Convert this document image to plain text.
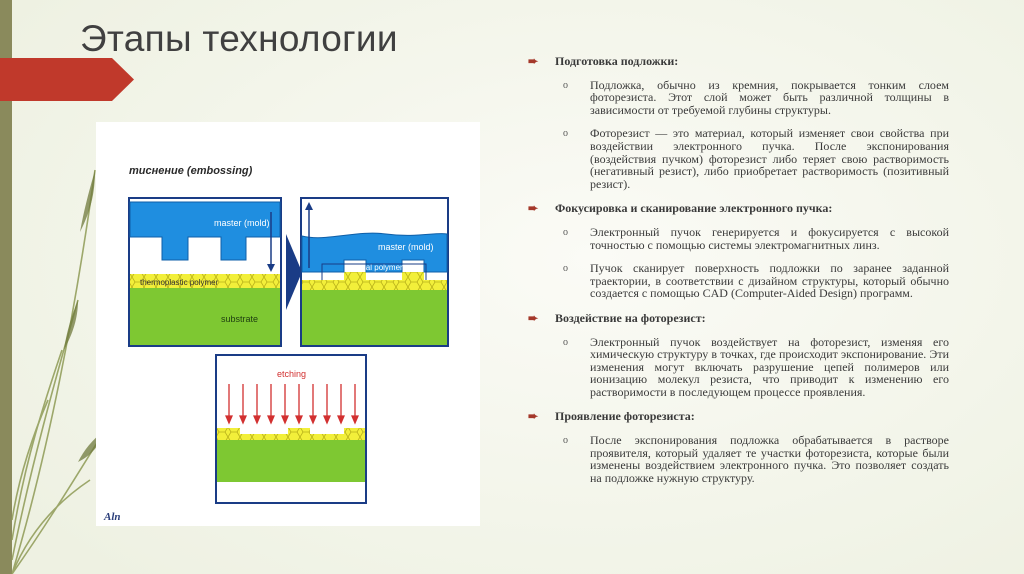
Этапы технологии
тиснение (embossing)
master (mold)
thermoplastic polymer
substrate
master (mold)
residual polymer
etching
Aln
➨ Подготовка подложки:
o Подложка, обычно из кремния, покрывается тонким слоем фоторезиста. Этот слой может быть различной толщины в зависимости от требуемой глубины структуры.
o Фоторезист — это материал, который изменяет свои свойства при воздействии электронного пучка. После экспонирования (воздействия пучком) фоторезист либо теряет свою растворимость (негативный резист), либо приобретает растворимость (позитивный резист).
➨ Фокусировка и сканирование электронного пучка:
o Электронный пучок генерируется и фокусируется с высокой точностью с помощью системы электромагнитных линз.
o Пучок сканирует поверхность подложки по заранее заданной траектории, в соответствии с дизайном структуры, который обычно создается с помощью CAD (Computer-Aided Design) программ.
➨ Воздействие на фоторезист:
o Электронный пучок воздействует на фоторезист, изменяя его химическую структуру в точках, где происходит экспонирование. Эти изменения могут включать разрушение цепей полимеров или ионизацию молекул резиста, что приводит к изменению его растворимости в последующем процессе проявления.
➨ Проявление фоторезиста:
o После экспонирования подложка обрабатывается в растворе проявителя, который удаляет те участки фоторезиста, которые были изменены воздействием электронного пучка. Это позволяет создать на подложке нужную структуру.
